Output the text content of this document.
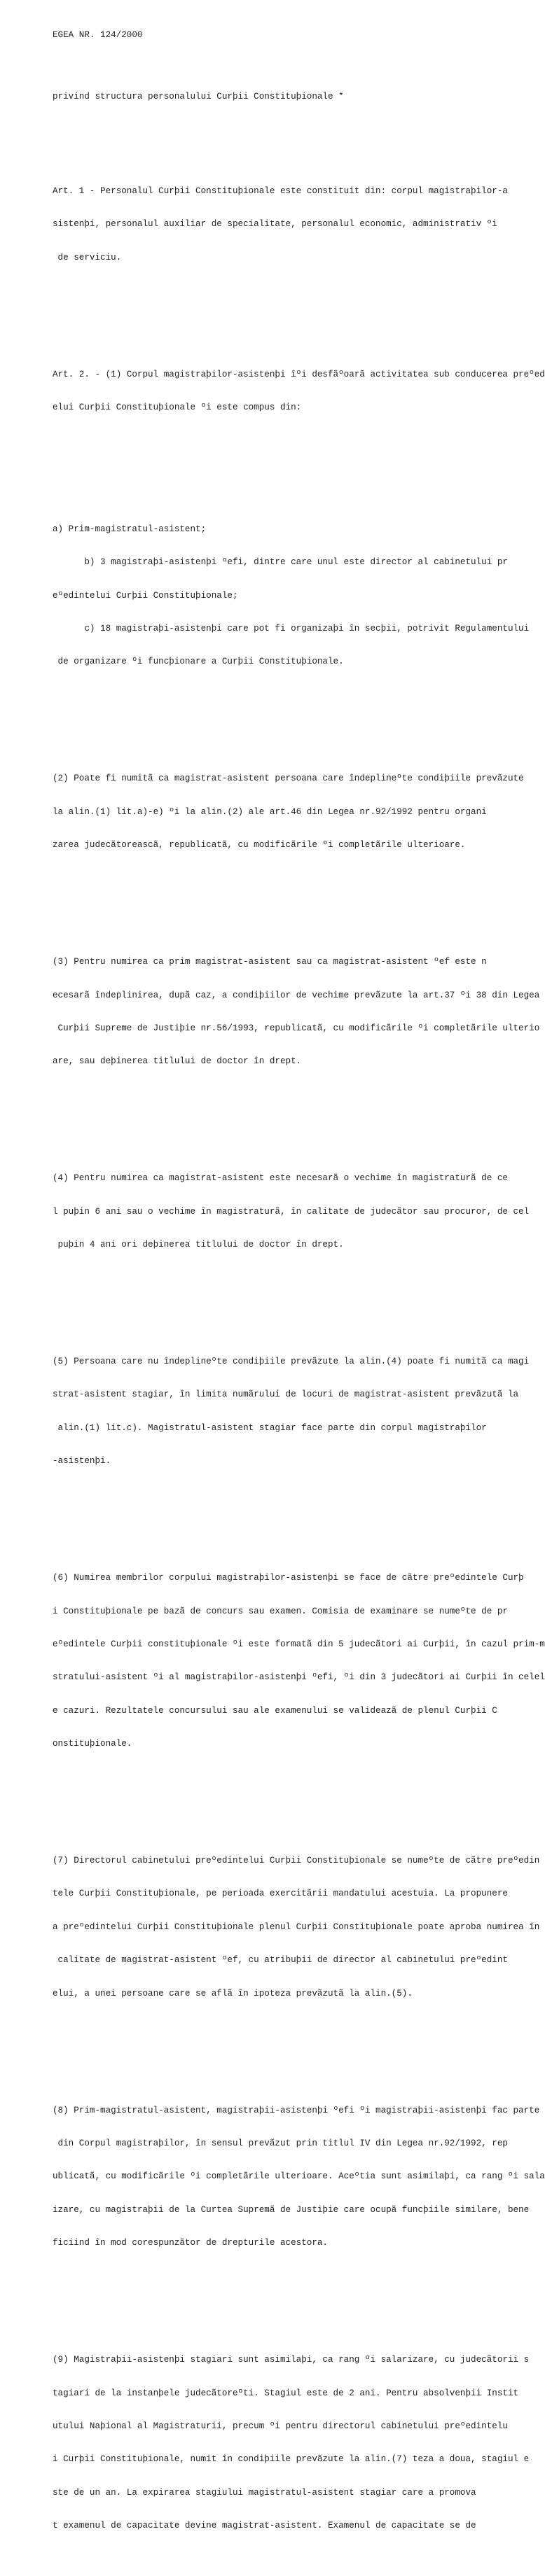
EGEA NR. 124/2000

privind structura personalului Curþii Constituþionale *

Art. 1 - Personalul Curþii Constituþionale este constituit din: corpul magistraþilor-a

sistenþi, personalul auxiliar de specialitate, personalul economic, administrativ ºi

de serviciu.

Art. 2. - (1) Corpul magistraþilor-asistenþi îºi desfãºoarã activitatea sub conducerea preºed

elui Curþii Constituþionale ºi este compus din:

a) Prim-magistratul-asistent;

b) 3 magistraþi-asistenþi ºefi, dintre care unul este director al cabinetului pr

eºedintelui Curþii Constituþionale;

c) 18 magistraþi-asistenþi care pot fi organizaþi în secþii, potrivit Regulamentului

de organizare ºi funcþionare a Curþii Constituþionale.

(2) Poate fi numitã ca magistrat-asistent persoana care îndeplineºte condiþiile prevãzute

la alin.(1) lit.a)-e) ºi la alin.(2) ale art.46 din Legea nr.92/1992 pentru organi

zarea judecãtoreascã, republicatã, cu modificãrile ºi completãrile ulterioare.

(3) Pentru numirea ca prim magistrat-asistent sau ca magistrat-asistent ºef este n

ecesarã îndeplinirea, dupã caz, a condiþiilor de vechime prevãzute la art.37 ºi 38 din Legea

Curþii Supreme de Justiþie nr.56/1993, republicatã, cu modificãrile ºi completãrile ulterio

are, sau deþinerea titlului de doctor în drept.

(4) Pentru numirea ca magistrat-asistent este necesarã o vechime în magistraturã de ce

l puþin 6 ani sau o vechime în magistraturã, în calitate de judecãtor sau procuror, de cel

puþin 4 ani ori deþinerea titlului de doctor în drept.

(5) Persoana care nu îndeplineºte condiþiile prevãzute la alin.(4) poate fi numitã ca magi

strat-asistent stagiar, în limita numãrului de locuri de magistrat-asistent prevãzutã la

alin.(1) lit.c). Magistratul-asistent stagiar face parte din corpul magistraþilor

-asistenþi.

(6) Numirea membrilor corpului magistraþilor-asistenþi se face de cãtre preºedintele Curþ

i Constituþionale pe bazã de concurs sau examen. Comisia de examinare se numeºte de pr

eºedintele Curþii constituþionale ºi este formatã din 5 judecãtori ai Curþii, în cazul prim-m

stratului-asistent ºi al magistraþilor-asistenþi ºefi, ºi din 3 judecãtori ai Curþii în celel

e cazuri. Rezultatele concursului sau ale examenului se valideazã de plenul Curþii C

onstituþionale.

(7) Directorul cabinetului preºedintelui Curþii Constituþionale se numeºte de cãtre preºedin

tele Curþii Constituþionale, pe perioada exercitãrii mandatului acestuia. La propunere

a preºedintelui Curþii Constituþionale plenul Curþii Constituþionale poate aproba numirea în

calitate de magistrat-asistent ºef, cu atribuþii de director al cabinetului preºedint

elui, a unei persoane care se aflã în ipoteza prevãzutã la alin.(5).

(8) Prim-magistratul-asistent, magistraþii-asistenþi ºefi ºi magistraþii-asistenþi fac parte

din Corpul magistraþilor, în sensul prevãzut prin titlul IV din Legea nr.92/1992, rep

ublicatã, cu modificãrile ºi completãrile ulterioare. Aceºtia sunt asimilaþi, ca rang ºi sala

izare, cu magistraþii de la Curtea Supremã de Justiþie care ocupã funcþiile similare, bene

ficiind în mod corespunzãtor de drepturile acestora.

(9) Magistraþii-asistenþi stagiari sunt asimilaþi, ca rang ºi salarizare, cu judecãtorii s

tagiari de la instanþele judecãtoreºti. Stagiul este de 2 ani. Pentru absolvenþii Instit

utului Naþional al Magistraturii, precum ºi pentru directorul cabinetului preºedintelu

i Curþii Constituþionale, numit în condiþiile prevãzute la alin.(7) teza a doua, stagiul e

ste de un an. La expirarea stagiului magistratul-asistent stagiar care a promova

t examenul de capacitate devine magistrat-asistent. Examenul de capacitate se de
